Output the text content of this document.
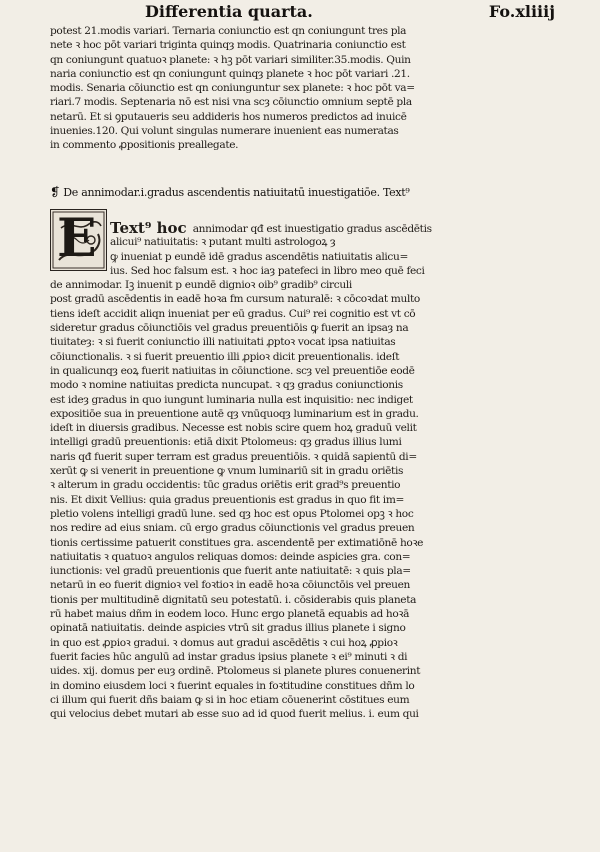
Differentia quarta.	Fo.xliiij
potest 21.modis variari. Ternaria coniunctio est qn coniungunt tres pla
nete ꝛ hoc pōt variari triginta quinqȝ modis. Quatrinaria coniunctio est
qn coniungunt quatuoꝛ planete: ꝛ hꝫ pōt variari similiter.35.modis. Quin
naria coniunctio est qn coniungunt quinqȝ planete ꝛ hoc pōt variari .21.
modis. Senaria cōiunctio est qn coniunguntur sex planete: ꝛ hoc pōt va=
riari.7 modis. Septenaria nō est nisi vna scȝ cōiunctio omnium septē pla
netarū. Et si ꝯputaueris seu addideris hos numeros predictos ad inuicē
inuenies.120. Qui volunt singulas numerare inuenient eas numeratas
in commento ꝓpositionis preallegate.
❡ De annimodar.i.gradus ascendentis natiuitatū inuestigatiōe. Text⁹
E Text⁹ hoc annimodar qđ est inuestigatio gradus ascēdētis
alicui⁹ natiuitatis: ꝛ putant multi astrologoꝝ ȝ
ꝙ inueniat p eundē idē gradus ascendētis natiuitatis alicu=
ius. Sed hoc falsum est. ꝛ hoc iaȝ patefeci in libro meo quē feci
de annimodar. Iꝫ inuenit p eundē dignioꝛ oib⁹ gradib⁹ circuli
post gradū ascēdentis in eadē hoꝛa fm cursum naturalē: ꝛ cōcoꝛdat multo
tiens ideſt accidit aliqn inueniat per eū gradus. Cui⁹ rei cognitio est vt cō
sideretur gradus cōiunctiōis vel gradus preuentiōis ꝙ fuerit an ipsaȝ na
tiuitateȝ: ꝛ si fuerit coniunctio illi natiuitati ꝓptoꝛ vocat ipsa natiuitas
cōiunctionalis. ꝛ si fuerit preuentio illi ꝓpioꝛ dicit preuentionalis. ideſt
in qualicunqȝ eoꝝ fuerit natiuitas in cōiunctione. scȝ vel preuentiōe eodē
modo ꝛ nomine natiuitas predicta nuncupat. ꝛ qȝ gradus coniunctionis
est ideȝ gradus in quo iungunt luminaria nulla est inquisitio: nec indiget
expositiōe sua in preuentione autē qȝ vnūquoqȝ luminarium est in gradu.
ideſt in diuersis gradibus. Necesse est nobis scire quem hoꝝ graduū velit
intelligi gradū preuentionis: etiā dixit Ptolomeus: qȝ gradus illius lumi
naris qđ fuerit super terram est gradus preuentiōis. ꝛ quidā sapientū di=
xerūt ꝙ si venerit in preuentione ꝙ vnum luminariū sit in gradu oriētis
ꝛ alterum in gradu occidentis: tūc gradus oriētis erit grad⁹s preuentio
nis. Et dixit Vellius: quia gradus preuentionis est gradus in quo fit im=
pletio volens intelligi gradū lune. sed qȝ hoc est opus Ptolomei opꝫ ꝛ hoc
nos redire ad eius sniam. cū ergo gradus cōiunctionis vel gradus preuen
tionis certissime patuerit constitues gra. ascendentē per extimatiōnē hoꝛe
natiuitatis ꝛ quatuoꝛ angulos reliquas domos: deinde aspicies gra. con=
iunctionis: vel gradū preuentionis que fuerit ante natiuitatē: ꝛ quis pla=
netarū in eo fuerit dignioꝛ vel foꝛtioꝛ in eadē hoꝛa cōiunctōis vel preuen
tionis per multitudinē dignitatū seu potestatū. i. cōsiderabis quis planeta
rū habet maius dñm in eodem loco. Hunc ergo planetā equabis ad hoꝛā
opinatā natiuitatis. deinde aspicies vtrū sit gradus illius planete i signo
in quo est ꝓpioꝛ gradui. ꝛ domus aut gradui ascēdētis ꝛ cui hoꝝ ꝓpioꝛ
fuerit facies hūc angulū ad instar gradus ipsius planete ꝛ ei⁹ minuti ꝛ di
uides. xij. domus per euȝ ordinē. Ptolomeus si planete plures conuenerint
in domino eiusdem loci ꝛ fuerint equales in foꝛtitudine constitues dñm lo
ci illum qui fuerit dñs baiam ꝙ si in hoc etiam cōuenerint cōstitues eum
qui velocius debet mutari ab esse suo ad id quod fuerit melius. i. eum qui
